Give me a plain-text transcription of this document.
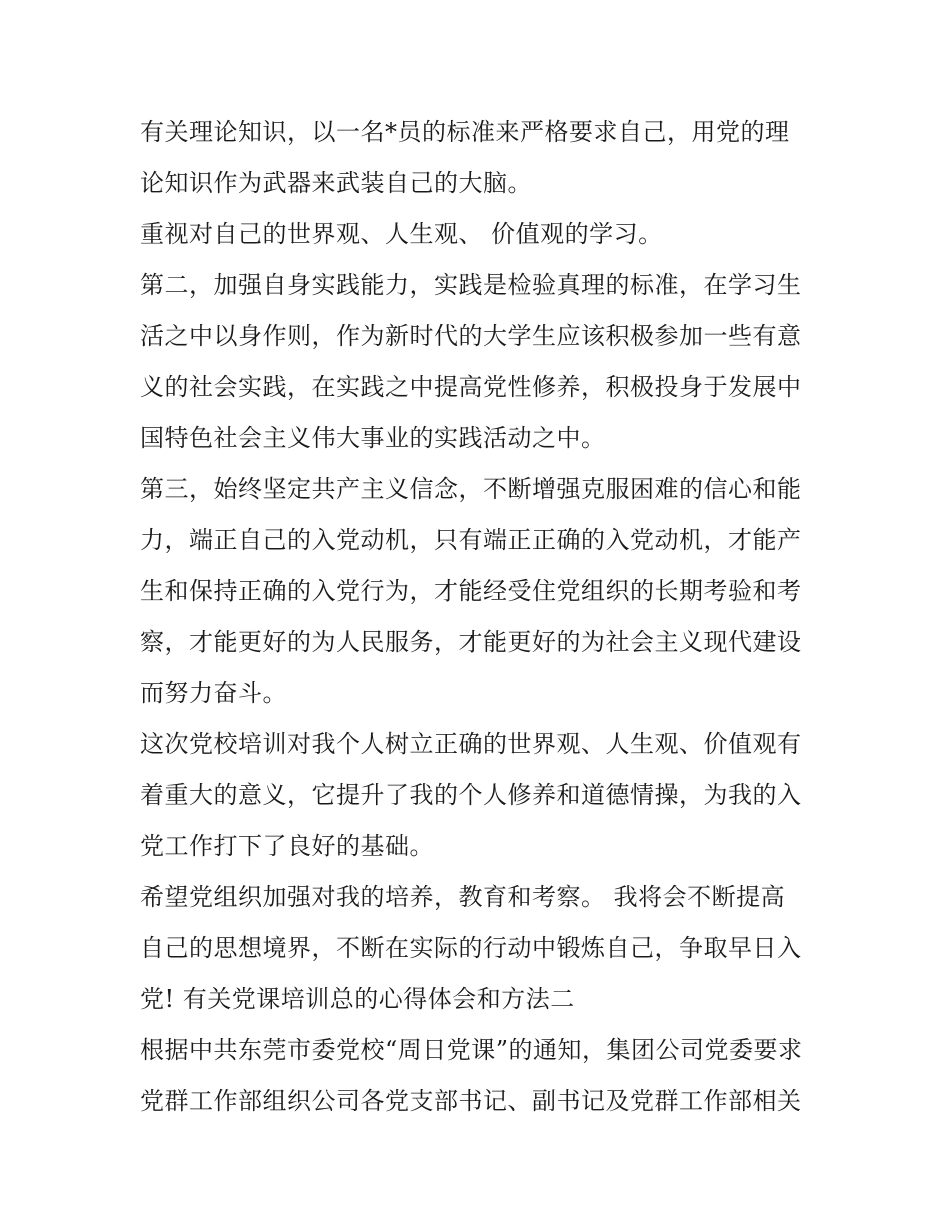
有关理论知识，以一名*员的标准来严格要求自己，用党的理
论知识作为武器来武装自己的大脑。
重视对自己的世界观、人生观、 价值观的学习。
第二，加强自身实践能力，实践是检验真理的标准，在学习生
活之中以身作则，作为新时代的大学生应该积极参加一些有意
义的社会实践，在实践之中提高党性修养，积极投身于发展中
国特色社会主义伟大事业的实践活动之中。
第三，始终坚定共产主义信念，不断增强克服困难的信心和能
力，端正自己的入党动机，只有端正正确的入党动机，才能产
生和保持正确的入党行为，才能经受住党组织的长期考验和考
察，才能更好的为人民服务，才能更好的为社会主义现代建设
而努力奋斗。
这次党校培训对我个人树立正确的世界观、人生观、价值观有
着重大的意义，它提升了我的个人修养和道德情操，为我的入
党工作打下了良好的基础。
希望党组织加强对我的培养，教育和考察。 我将会不断提高
自己的思想境界，不断在实际的行动中锻炼自己，争取早日入
党! 有关党课培训总的心得体会和方法二
根据中共东莞市委党校“周日党课”的通知，集团公司党委要求
党群工作部组织公司各党支部书记、副书记及党群工作部相关
